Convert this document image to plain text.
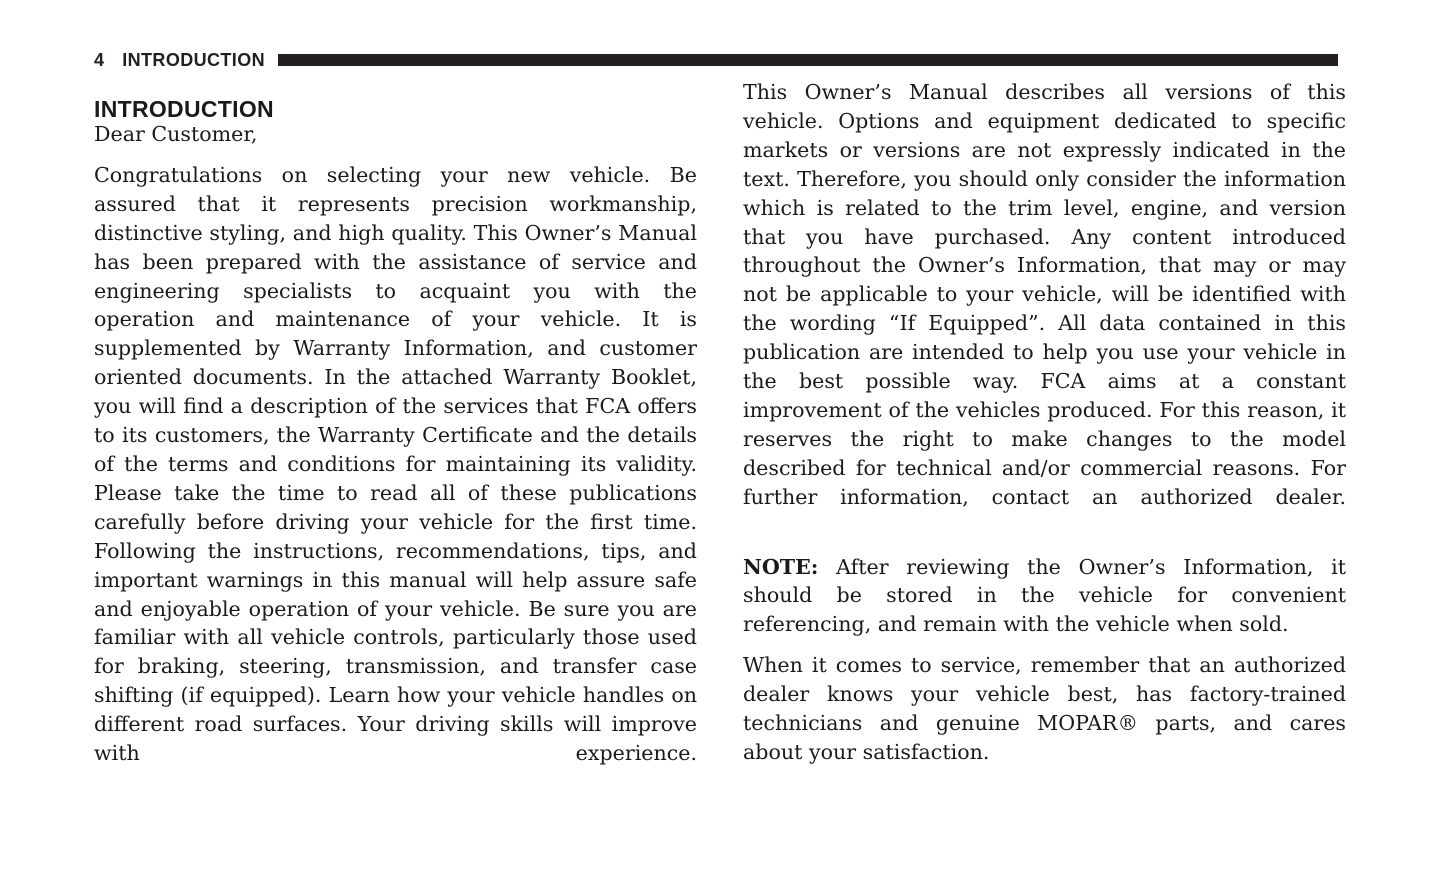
4 INTRODUCTION
INTRODUCTION

Dear Customer,

Congratulations on selecting your new vehicle. Be assured that it represents precision workmanship, distinctive styling, and high quality. This Owner’s Manual has been prepared with the assistance of service and engineering specialists to acquaint you with the operation and maintenance of your vehicle. It is supplemented by Warranty Information, and customer oriented documents. In the attached Warranty Booklet, you will find a description of the services that FCA offers to its customers, the Warranty Certificate and the details of the terms and conditions for maintaining its validity. Please take the time to read all of these publications carefully before driving your vehicle for the first time. Following the instructions, recommendations, tips, and important warnings in this manual will help assure safe and enjoyable operation of your vehicle. Be sure you are familiar with all vehicle controls, particularly those used for braking, steering, transmission, and transfer case shifting (if equipped). Learn how your vehicle handles on different road surfaces. Your driving skills will improve with experience.

This Owner’s Manual describes all versions of this vehicle. Options and equipment dedicated to specific markets or versions are not expressly indicated in the text. Therefore, you should only consider the information which is related to the trim level, engine, and version that you have purchased. Any content introduced throughout the Owner’s Information, that may or may not be applicable to your vehicle, will be identified with the wording “If Equipped”. All data contained in this publication are intended to help you use your vehicle in the best possible way. FCA aims at a constant improvement of the vehicles produced. For this reason, it reserves the right to make changes to the model described for technical and/or commercial reasons. For further information, contact an authorized dealer.

NOTE: After reviewing the Owner’s Information, it should be stored in the vehicle for convenient referencing, and remain with the vehicle when sold.

When it comes to service, remember that an authorized dealer knows your vehicle best, has factory-trained technicians and genuine MOPAR® parts, and cares about your satisfaction.
